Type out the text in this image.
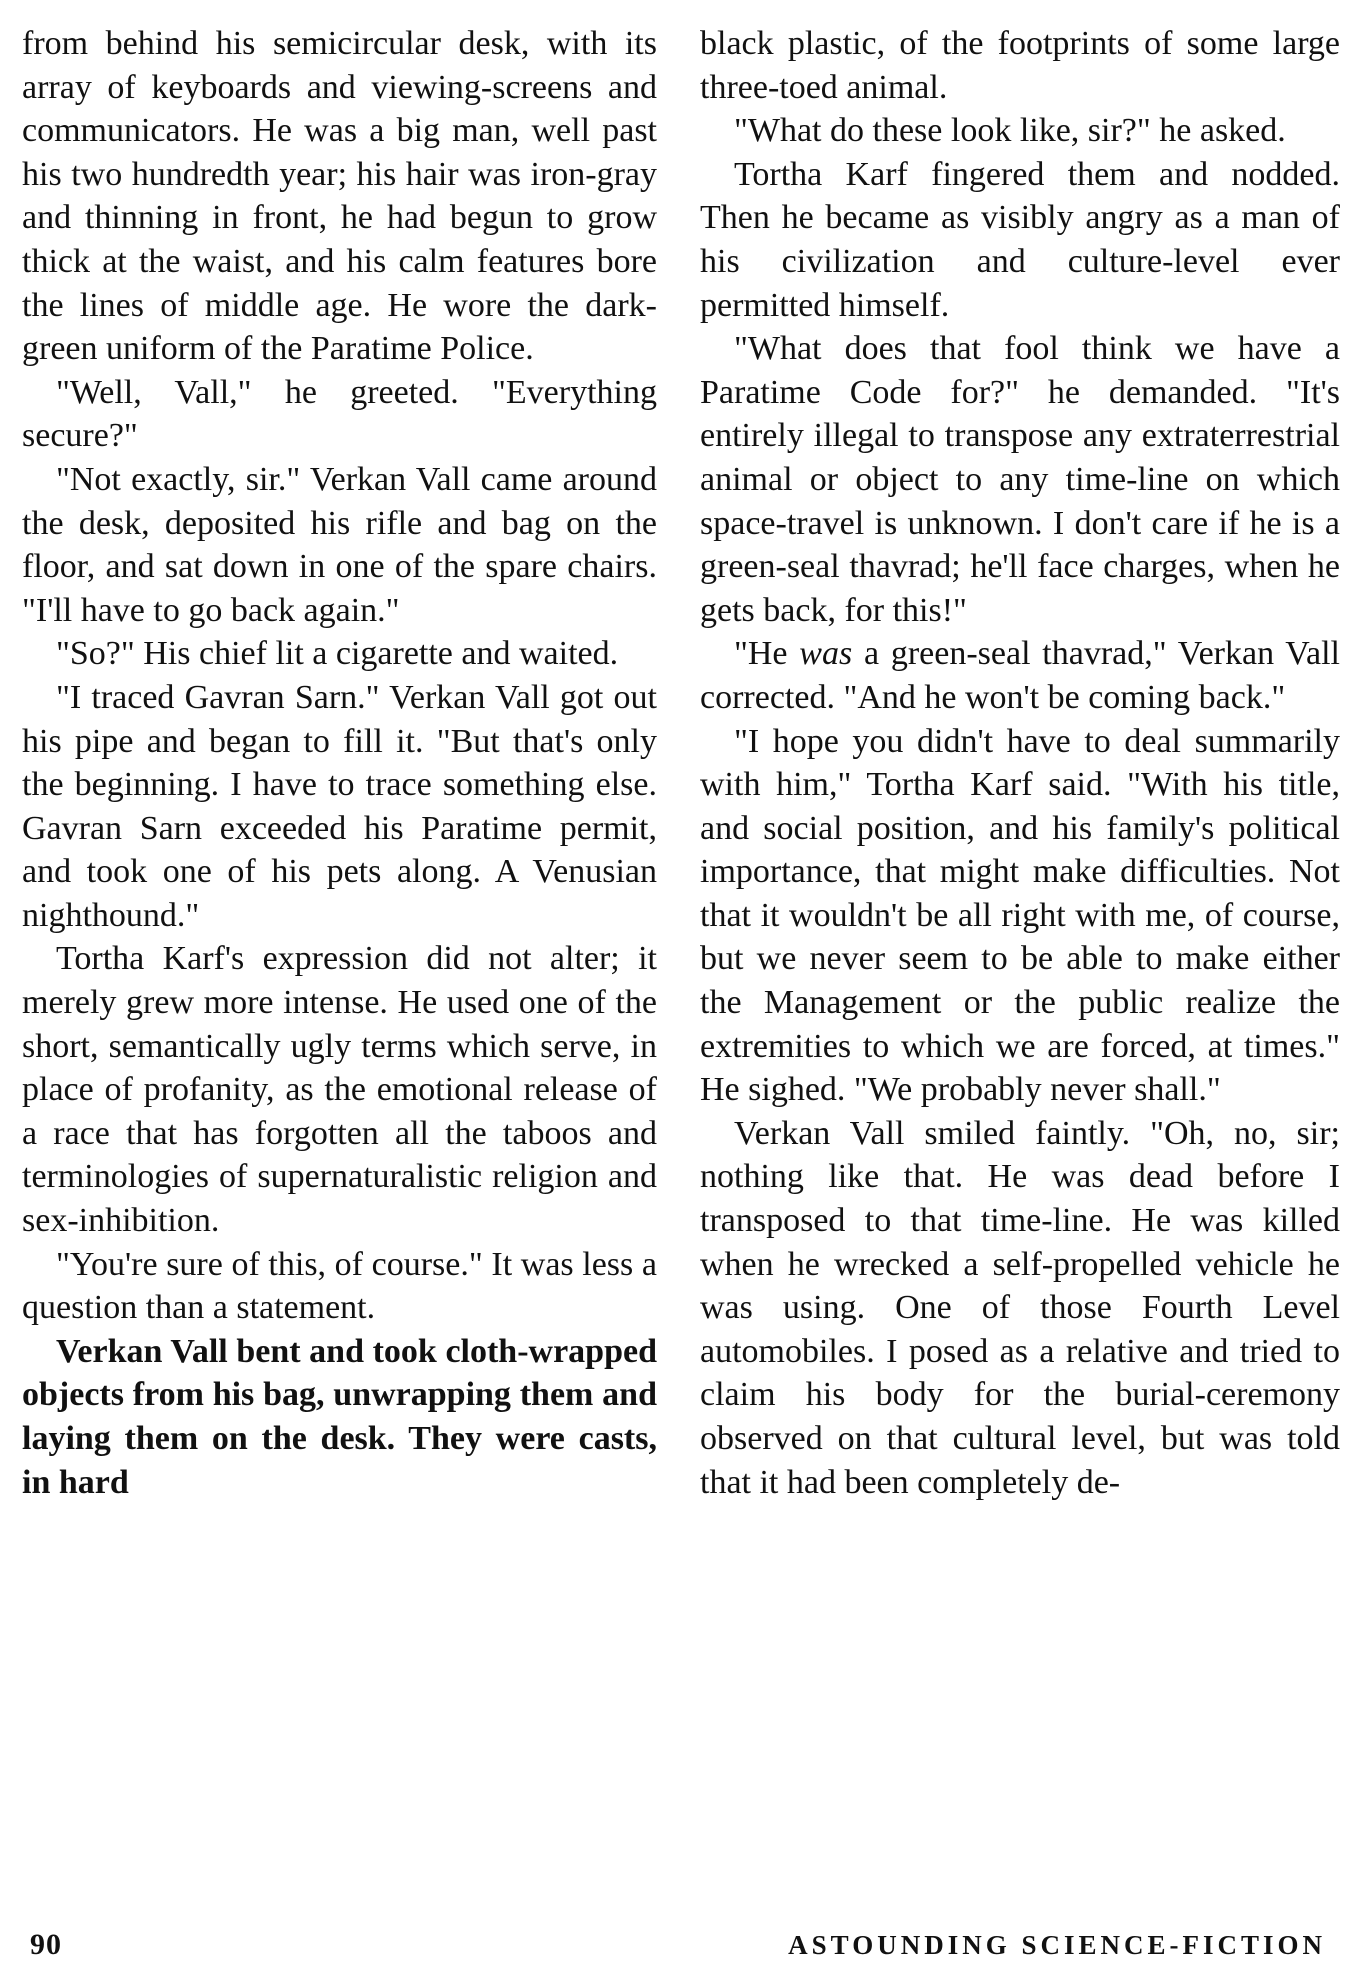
from behind his semicircular desk, with its array of keyboards and viewing-screens and communicators. He was a big man, well past his two hundredth year; his hair was iron-gray and thinning in front, he had begun to grow thick at the waist, and his calm features bore the lines of middle age. He wore the dark-green uniform of the Paratime Police.

"Well, Vall," he greeted. "Everything secure?"

"Not exactly, sir." Verkan Vall came around the desk, deposited his rifle and bag on the floor, and sat down in one of the spare chairs. "I'll have to go back again."

"So?" His chief lit a cigarette and waited.

"I traced Gavran Sarn." Verkan Vall got out his pipe and began to fill it. "But that's only the beginning. I have to trace something else. Gavran Sarn exceeded his Paratime permit, and took one of his pets along. A Venusian nighthound."

Tortha Karf's expression did not alter; it merely grew more intense. He used one of the short, semantically ugly terms which serve, in place of profanity, as the emotional release of a race that has forgotten all the taboos and terminologies of supernaturalistic religion and sex-inhibition.

"You're sure of this, of course." It was less a question than a statement.

Verkan Vall bent and took cloth-wrapped objects from his bag, unwrapping them and laying them on the desk. They were casts, in hard

black plastic, of the footprints of some large three-toed animal.

"What do these look like, sir?" he asked.

Tortha Karf fingered them and nodded. Then he became as visibly angry as a man of his civilization and culture-level ever permitted himself.

"What does that fool think we have a Paratime Code for?" he demanded. "It's entirely illegal to transpose any extraterrestrial animal or object to any time-line on which space-travel is unknown. I don't care if he is a green-seal thavrad; he'll face charges, when he gets back, for this!"

"He was a green-seal thavrad," Verkan Vall corrected. "And he won't be coming back."

"I hope you didn't have to deal summarily with him," Tortha Karf said. "With his title, and social position, and his family's political importance, that might make difficulties. Not that it wouldn't be all right with me, of course, but we never seem to be able to make either the Management or the public realize the extremities to which we are forced, at times." He sighed. "We probably never shall."

Verkan Vall smiled faintly. "Oh, no, sir; nothing like that. He was dead before I transposed to that time-line. He was killed when he wrecked a self-propelled vehicle he was using. One of those Fourth Level automobiles. I posed as a relative and tried to claim his body for the burial-ceremony observed on that cultural level, but was told that it had been completely de-

90	ASTOUNDING SCIENCE-FICTION
